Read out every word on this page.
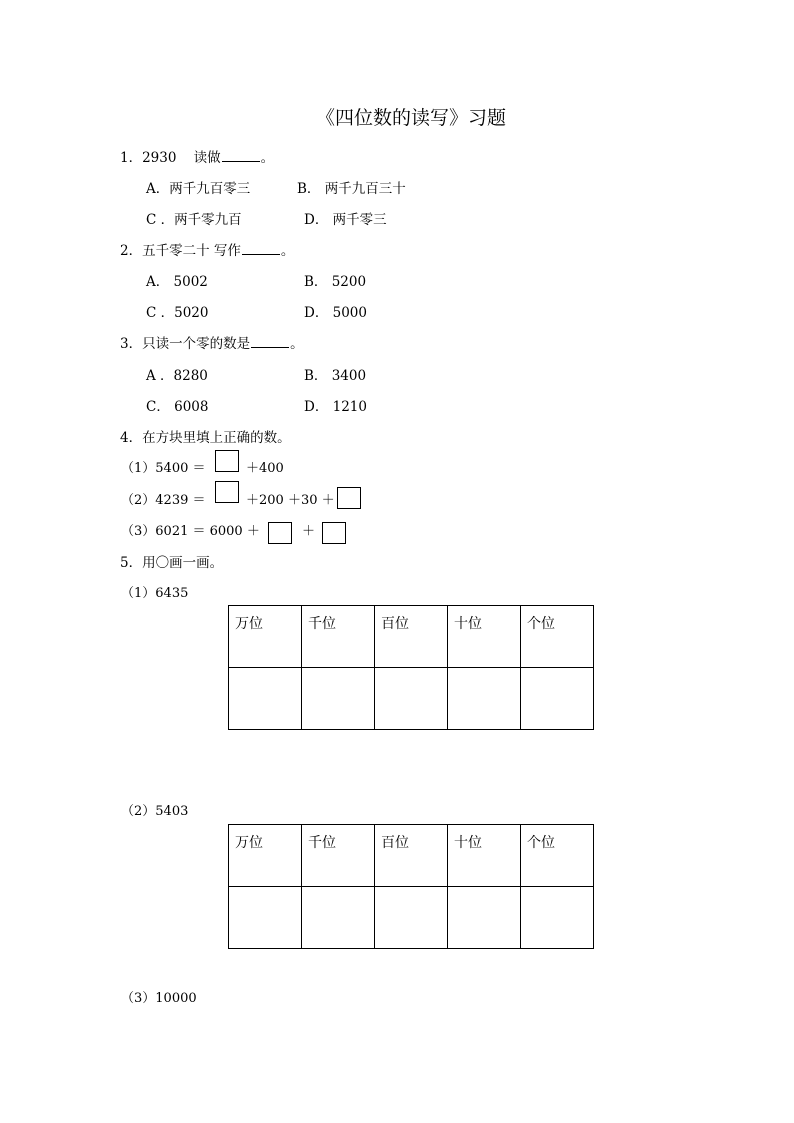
《四位数的读写》习题
1．2930 读做	。
A．两千九百零三	B． 两千九百三十
C ．两千零九百	D． 两千零三
2．五千零二十 写作	。
A． 5002	B． 5200
C ．5020	D． 5000
3．只读一个零的数是	。
A ．8280	B． 3400
C． 6008	D． 1210
4．在方块里填上正确的数。
（1）5400 ＝	＋400
（2）4239 ＝	＋200 ＋30 ＋
（3）6021 ＝ 6000 ＋	＋
5．用〇画一画。
（1）6435
万位	千位	百位	十位	个位

（2）5403
万位	千位	百位	十位	个位

（3）10000
